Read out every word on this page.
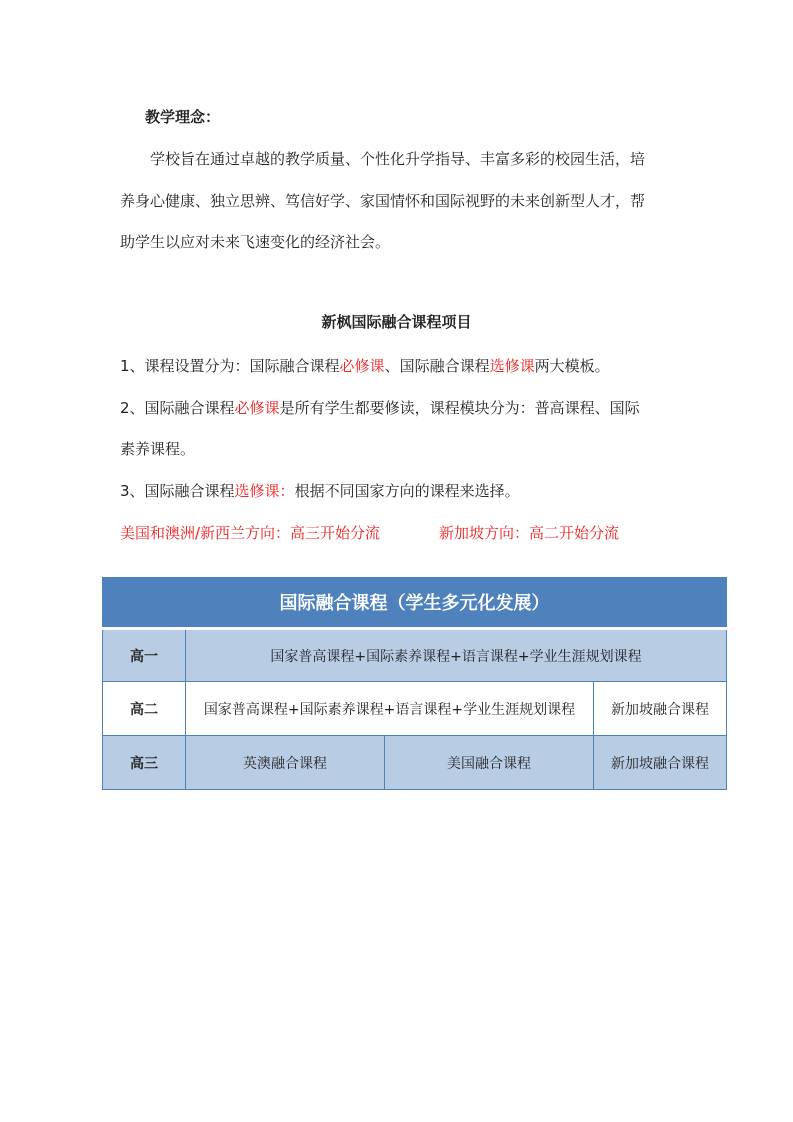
教学理念：
学校旨在通过卓越的教学质量、个性化升学指导、丰富多彩的校园生活，培
养身心健康、独立思辨、笃信好学、家国情怀和国际视野的未来创新型人才，帮
助学生以应对未来飞速变化的经济社会。
新枫国际融合课程项目
1、课程设置分为：国际融合课程必修课、国际融合课程选修课两大模板。
2、国际融合课程必修课是所有学生都要修读，课程模块分为：普高课程、国际
素养课程。
3、国际融合课程选修课：根据不同国家方向的课程来选择。
美国和澳洲/新西兰方向：高三开始分流	新加坡方向：高二开始分流
国际融合课程（学生多元化发展）			
高一	国家普高课程+国际素养课程+语言课程+学业生涯规划课程		
高二	国家普高课程+国际素养课程+语言课程+学业生涯规划课程		新加坡融合课程
高三	英澳融合课程	美国融合课程	新加坡融合课程
